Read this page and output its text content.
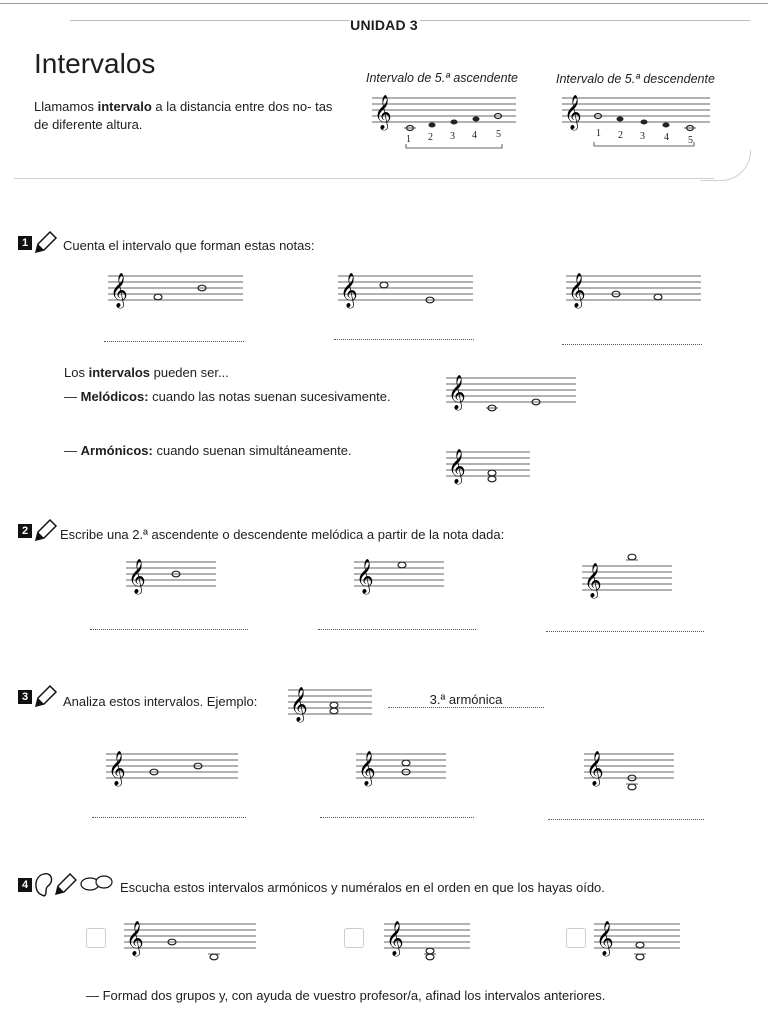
UNIDAD 3
Intervalos
Llamamos intervalo a la distancia entre dos no- tas de diferente altura.
Intervalo de 5.ª ascendente	Intervalo de 5.ª descendente
𝄞
1 2 3 4 5
𝄞
1 2 3 4 5
1	Cuenta el intervalo que forman estas notas:
𝄞	𝄞	𝄞
Los intervalos pueden ser...
— Melódicos: cuando las notas suenan sucesivamente.
— Armónicos: cuando suenan simultáneamente.
𝄞
𝄞
2	Escribe una 2.ª ascendente o descendente melódica a partir de la nota dada:
𝄞	𝄞	𝄞
3	Analiza estos intervalos. Ejemplo: 𝄞	3.ª armónica
𝄞	𝄞	𝄞
4	Escucha estos intervalos armónicos y numéralos en el orden en que los hayas oído.
𝄞	𝄞	𝄞
— Formad dos grupos y, con ayuda de vuestro profesor/a, afinad los intervalos anteriores.
